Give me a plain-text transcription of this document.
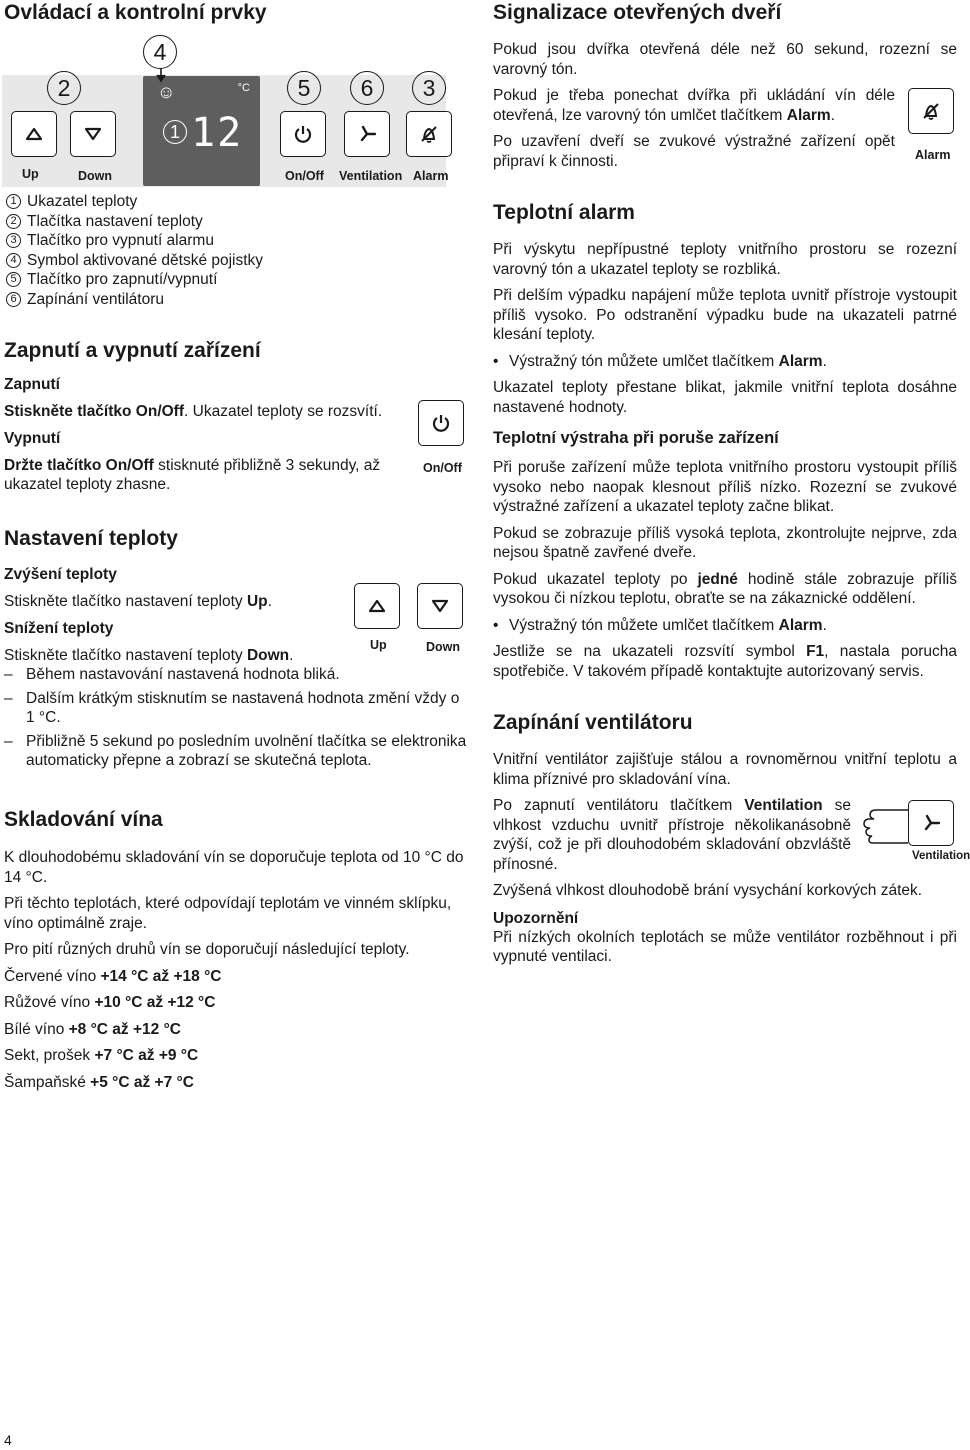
Ovládací a kontrolní prvky
☺	°C
1 12
2
4
5	6	3
Up	Down	On/Off Ventilation Alarm
1 Ukazatel teploty
2 Tlačítka nastavení teploty
3 Tlačítko pro vypnutí alarmu
4 Symbol aktivované dětské pojistky
5 Tlačítko pro zapnutí/vypnutí
6 Zapínání ventilátoru
Zapnutí a vypnutí zařízení

Zapnutí

Stiskněte tlačítko On/Off. Ukazatel teploty se rozsvítí.

Vypnutí

Držte tlačítko On/Off stisknuté přibližně 3 sekundy, až ukazatel teploty zhasne.

On/Off
Nastavení teploty

Zvýšení teploty

Stiskněte tlačítko nastavení teploty Up.

Snížení teploty

Stiskněte tlačítko nastavení teploty Down.

– Během nastavování nastavená hodnota bliká.
– Dalším krátkým stisknutím se nastavená hodnota změní vždy o 1 °C.
– Přibližně 5 sekund po posledním uvolnění tlačítka se elektronika automaticky přepne a zobrazí se skutečná teplota.
Up	Down
Skladování vína

K dlouhodobému skladování vín se doporučuje teplota od 10 °C do 14 °C.

Při těchto teplotách, které odpovídají teplotám ve vinném sklípku, víno optimálně zraje.

Pro pití různých druhů vín se doporučují následující teploty.

Červené víno +14 °C až +18 °C

Růžové víno +10 °C až +12 °C

Bílé víno +8 °C až +12 °C

Sekt, prošek +7 °C až +9 °C

Šampaňské +5 °C až +7 °C

4
Signalizace otevřených dveří

Pokud jsou dvířka otevřená déle než 60 sekund, rozezní se varovný tón.

Pokud je třeba ponechat dvířka při ukládání vín déle otevřená, lze varovný tón umlčet tlačítkem Alarm.

Po uzavření dveří se zvukové výstražné zařízení opět připraví k činnosti.	Alarm
Teplotní alarm

Při výskytu nepřípustné teploty vnitřního prostoru se rozezní varovný tón a ukazatel teploty se rozbliká.

Při delším výpadku napájení může teplota uvnitř přístroje vystoupit příliš vysoko. Po odstranění výpadku bude na ukazateli patrné klesání teploty.

• Výstražný tón můžete umlčet tlačítkem Alarm.

Ukazatel teploty přestane blikat, jakmile vnitřní teplota dosáhne nastavené hodnoty.

Teplotní výstraha při poruše zařízení

Při poruše zařízení může teplota vnitřního prostoru vystoupit příliš vysoko nebo naopak klesnout příliš nízko. Rozezní se zvukové výstražné zařízení a ukazatel teploty začne blikat.

Pokud se zobrazuje příliš vysoká teplota, zkontrolujte nejprve, zda nejsou špatně zavřené dveře.

Pokud ukazatel teploty po jedné hodině stále zobrazuje příliš vysokou či nízkou teplotu, obraťte se na zákaznické oddělení.

• Výstražný tón můžete umlčet tlačítkem Alarm.

Jestliže se na ukazateli rozsvítí symbol F1, nastala porucha spotřebiče. V takovém případě kontaktujte autorizovaný servis.

Zapínání ventilátoru

Vnitřní ventilátor zajišťuje stálou a rovnoměrnou vnitřní teplotu a klima příznivé pro skladování vína.

Po zapnutí ventilátoru tlačítkem Ventilation se vlhkost vzduchu uvnitř přístroje několikanásobně zvýší, což je při dlouhodobém skladování obzvláště přínosné.

Zvýšená vlhkost dlouhodobě brání vysychání korkových zátek.

Upozornění

Při nízkých okolních teplotách se může ventilátor rozběhnout i při vypnuté ventilaci.

Ventilation
